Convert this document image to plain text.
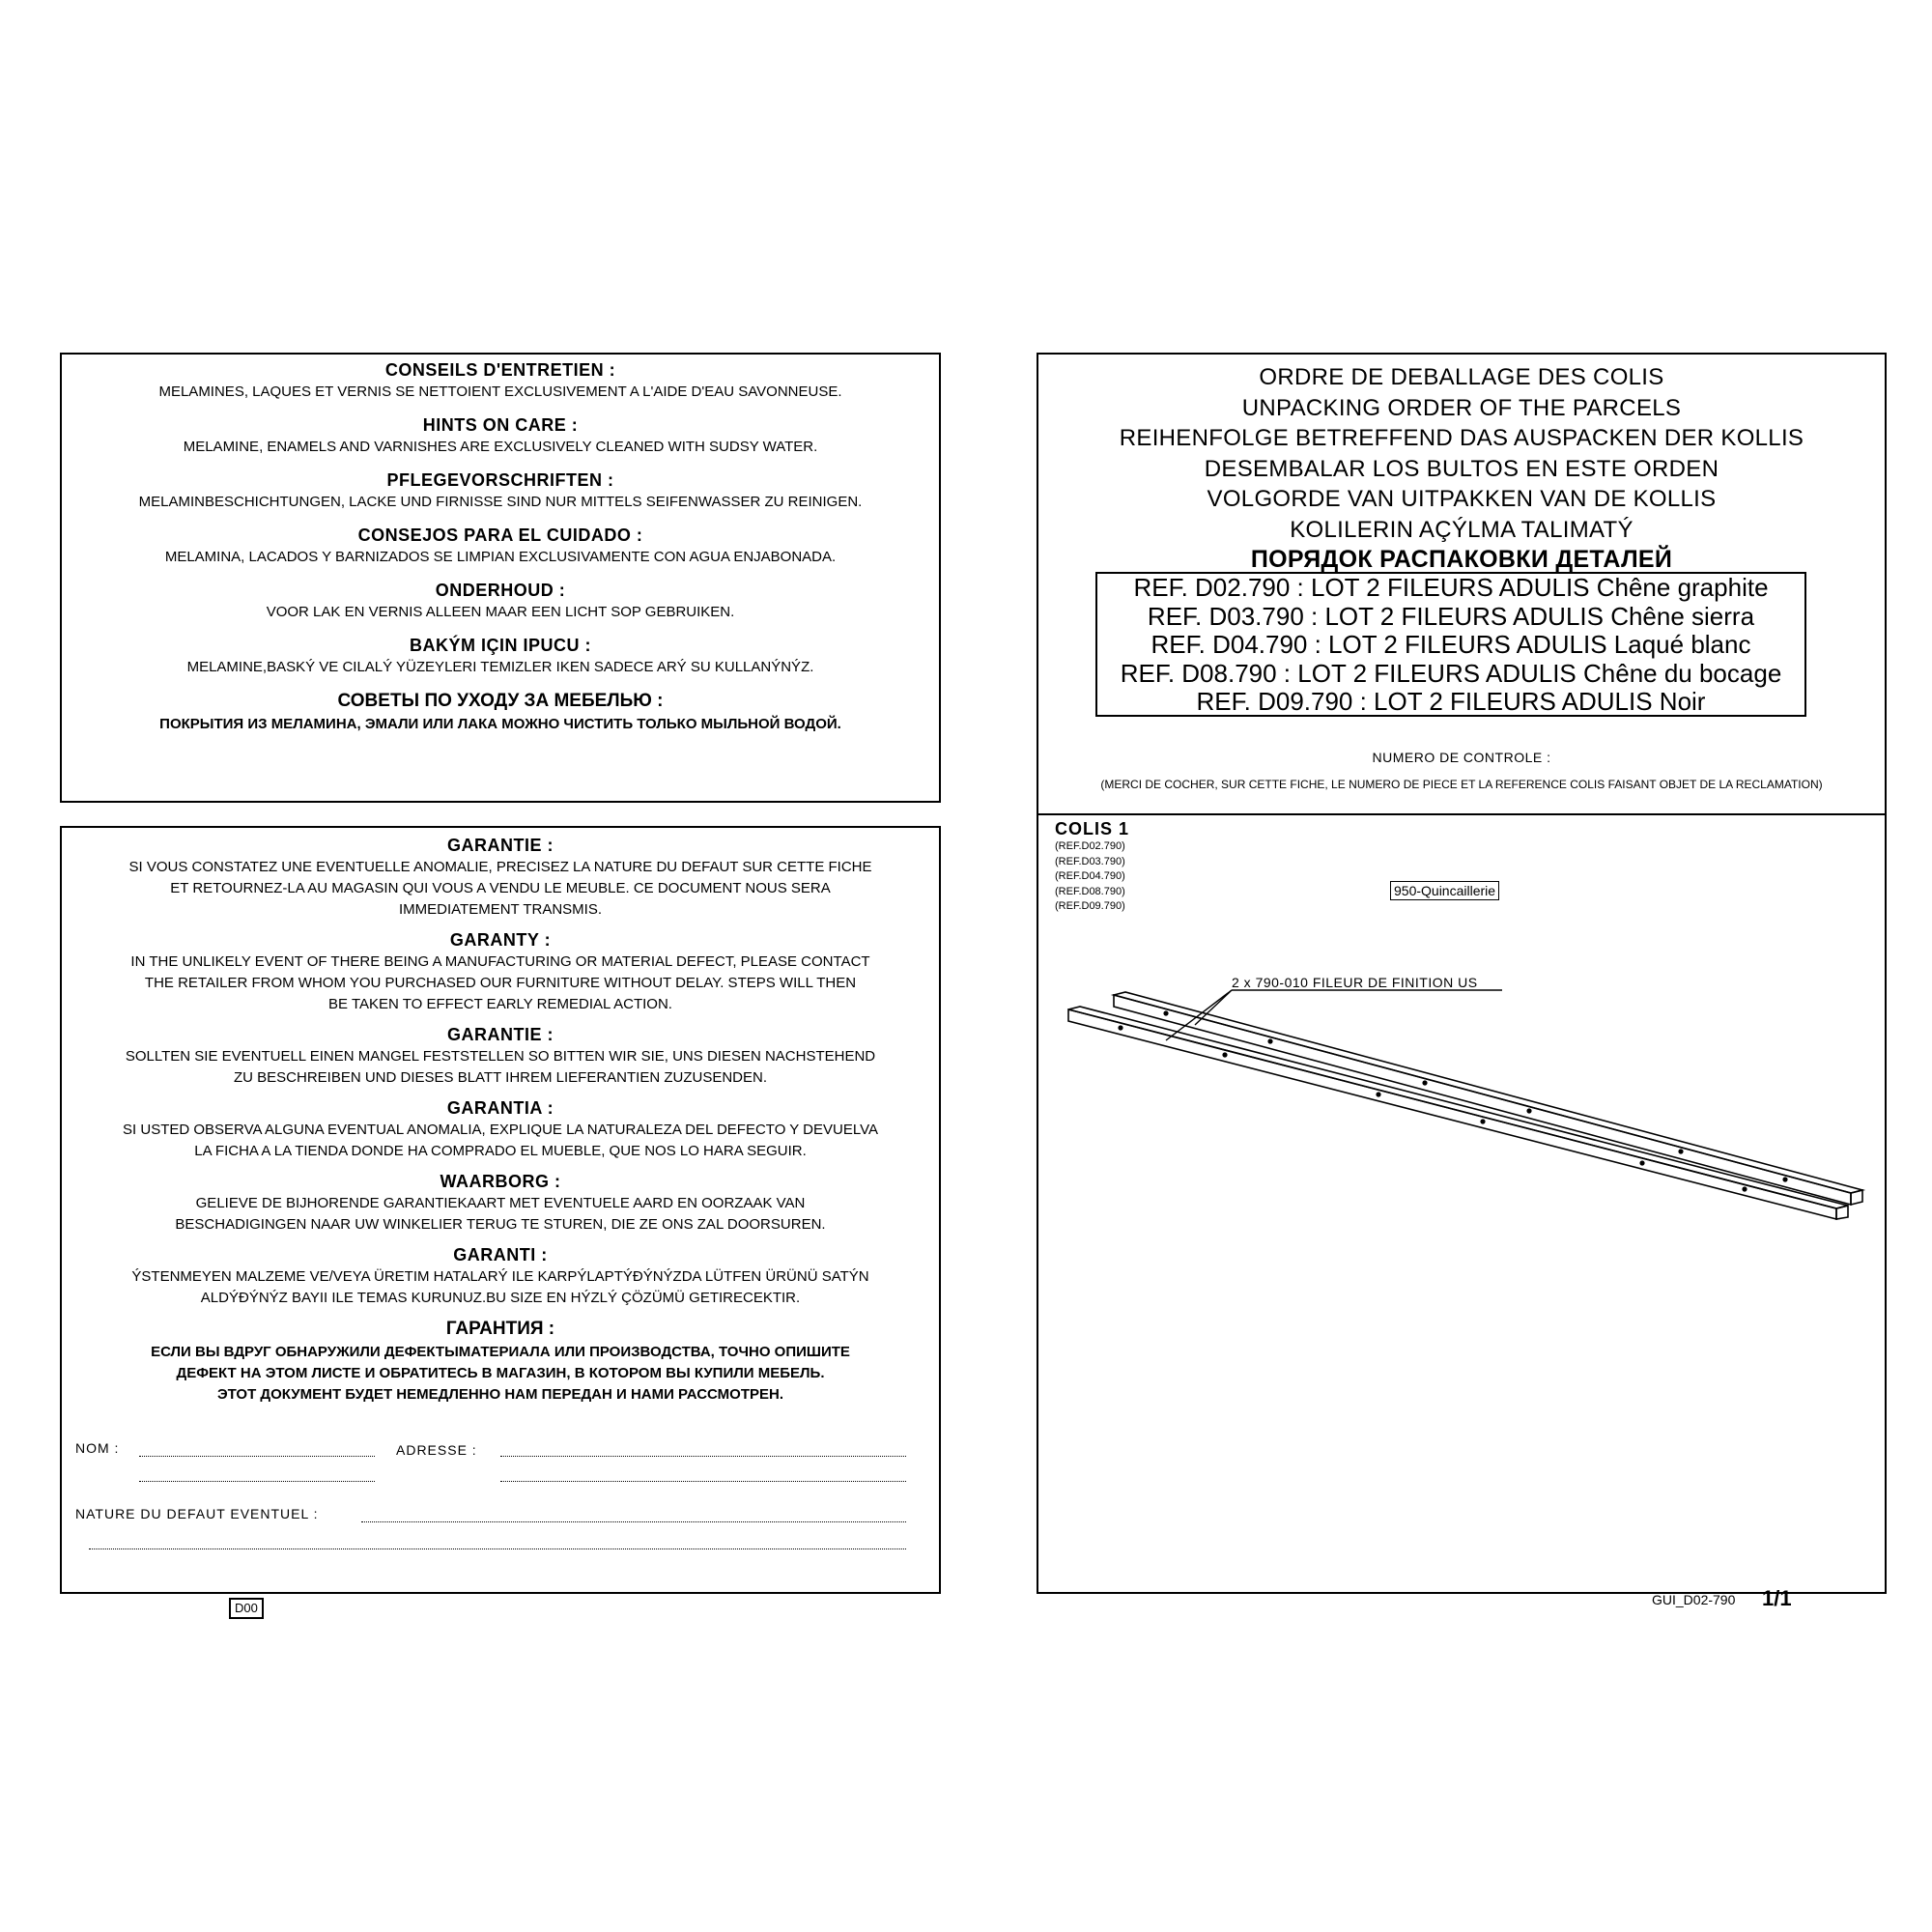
CONSEILS D'ENTRETIEN :
MELAMINES, LAQUES ET VERNIS SE NETTOIENT EXCLUSIVEMENT A L'AIDE D'EAU SAVONNEUSE.
HINTS ON CARE :
MELAMINE, ENAMELS AND VARNISHES ARE EXCLUSIVELY CLEANED WITH SUDSY WATER.
PFLEGEVORSCHRIFTEN :
MELAMINBESCHICHTUNGEN, LACKE UND FIRNISSE SIND NUR MITTELS SEIFENWASSER ZU REINIGEN.
CONSEJOS PARA EL CUIDADO :
MELAMINA, LACADOS Y BARNIZADOS SE LIMPIAN EXCLUSIVAMENTE CON AGUA ENJABONADA.
ONDERHOUD :
VOOR LAK EN VERNIS ALLEEN MAAR EEN LICHT SOP GEBRUIKEN.
BAKÝM IÇIN IPUCU :
MELAMINE,BASKÝ VE CILALÝ YÜZEYLERI TEMIZLER IKEN SADECE ARÝ SU KULLANÝNÝZ.
СОВЕТЫ ПО УХОДУ ЗА МЕБЕЛЬЮ :
ПОКРЫТИЯ ИЗ МЕЛАМИНА, ЭМАЛИ ИЛИ ЛАКА МОЖНО ЧИСТИТЬ ТОЛЬКО МЫЛЬНОЙ ВОДОЙ.
GARANTIE :
SI VOUS CONSTATEZ UNE EVENTUELLE ANOMALIE, PRECISEZ LA NATURE DU DEFAUT SUR CETTE FICHE
ET RETOURNEZ-LA AU MAGASIN QUI VOUS A VENDU LE MEUBLE. CE DOCUMENT NOUS SERA
IMMEDIATEMENT TRANSMIS.
GARANTY :
IN THE UNLIKELY EVENT OF THERE BEING A MANUFACTURING OR MATERIAL DEFECT, PLEASE CONTACT
THE RETAILER FROM WHOM YOU PURCHASED OUR FURNITURE WITHOUT DELAY. STEPS WILL THEN
BE TAKEN TO EFFECT EARLY REMEDIAL ACTION.
GARANTIE :
SOLLTEN SIE EVENTUELL EINEN MANGEL FESTSTELLEN SO BITTEN WIR SIE, UNS DIESEN NACHSTEHEND
ZU BESCHREIBEN UND DIESES BLATT IHREM LIEFERANTIEN ZUZUSENDEN.
GARANTIA :
SI USTED OBSERVA ALGUNA EVENTUAL ANOMALIA, EXPLIQUE LA NATURALEZA DEL DEFECTO Y DEVUELVA
LA FICHA A LA TIENDA DONDE HA COMPRADO EL MUEBLE, QUE NOS LO HARA SEGUIR.
WAARBORG :
GELIEVE DE BIJHORENDE GARANTIEKAART MET EVENTUELE AARD EN OORZAAK VAN
BESCHADIGINGEN NAAR UW WINKELIER TERUG TE STUREN, DIE ZE ONS ZAL DOORSUREN.
GARANTI :
ÝSTENMEYEN MALZEME VE/VEYA ÜRETIM HATALARÝ ILE KARPÝLAPTÝÐÝNÝZDA LÜTFEN ÜRÜNÜ SATÝN
ALDÝÐÝNÝZ BAYII ILE TEMAS KURUNUZ.BU SIZE EN HÝZLÝ ÇÖZÜMÜ GETIRECEKTIR.
ГАРАНТИЯ :
ЕСЛИ ВЫ ВДРУГ ОБНАРУЖИЛИ ДЕФЕКТЫМАТЕРИАЛА ИЛИ ПРОИЗВОДСТВА, ТОЧНО ОПИШИТЕ
ДЕФЕКТ НА ЭТОМ ЛИСТЕ И ОБРАТИТЕСЬ В МАГАЗИН, В КОТОРОМ ВЫ КУПИЛИ МЕБЕЛЬ.
ЭТОТ ДОКУМЕНТ БУДЕТ НЕМЕДЛЕННО НАМ ПЕРЕДАН И НАМИ РАССМОТРЕН.
NOM :	ADRESSE :
NATURE DU DEFAUT EVENTUEL :
ORDRE DE DEBALLAGE DES COLIS
UNPACKING ORDER OF THE PARCELS
REIHENFOLGE BETREFFEND DAS AUSPACKEN DER KOLLIS
DESEMBALAR LOS BULTOS EN ESTE ORDEN
VOLGORDE VAN UITPAKKEN VAN DE KOLLIS
KOLILERIN AÇÝLMA TALIMATÝ
ПОРЯДОК РАСПАКОВКИ ДЕТАЛЕЙ
REF. D02.790 : LOT 2 FILEURS ADULIS Chêne graphite
REF. D03.790 : LOT 2 FILEURS ADULIS Chêne sierra
REF. D04.790 : LOT 2 FILEURS ADULIS Laqué blanc
REF. D08.790 : LOT 2 FILEURS ADULIS Chêne du bocage
REF. D09.790 : LOT 2 FILEURS ADULIS Noir
NUMERO DE CONTROLE :
(MERCI DE COCHER, SUR CETTE FICHE, LE NUMERO DE PIECE ET LA REFERENCE COLIS FAISANT OBJET DE LA RECLAMATION)
COLIS 1
(REF.D02.790)
(REF.D03.790)
(REF.D04.790)
(REF.D08.790)
(REF.D09.790)
950-Quincaillerie
2 x 790-010 FILEUR DE FINITION US
D00
GUI_D02-790 1/1
